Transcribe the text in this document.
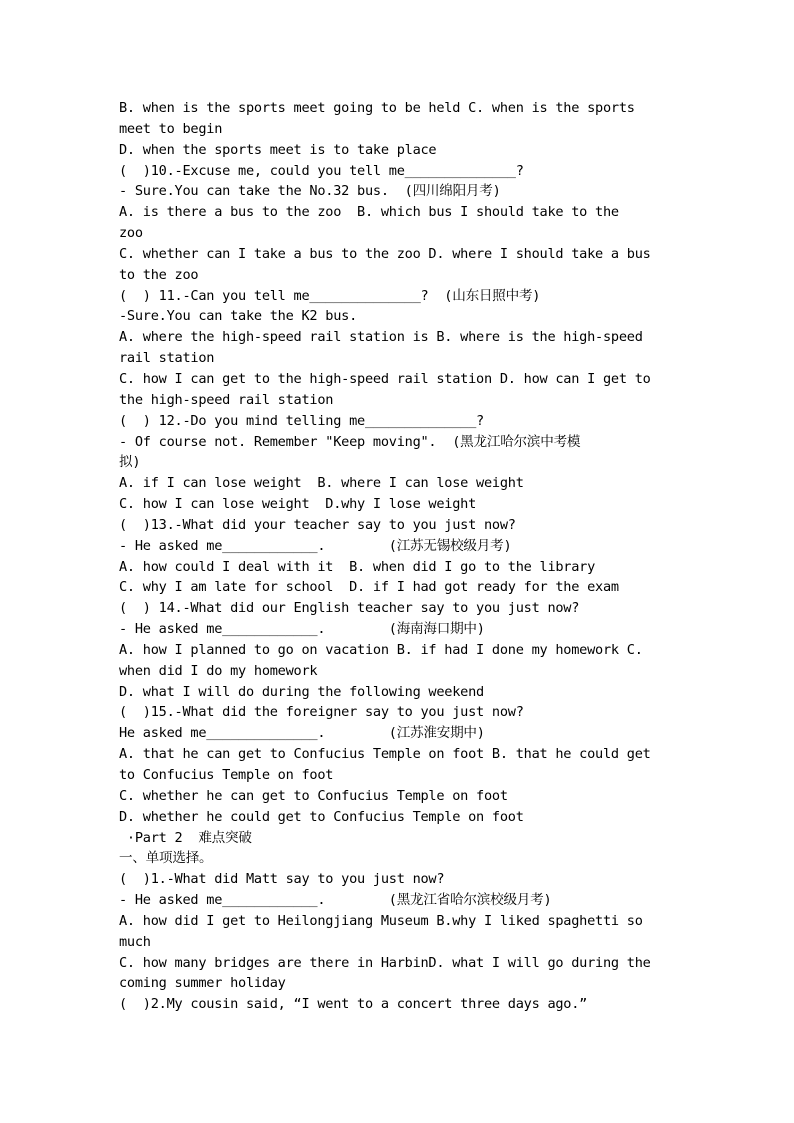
B. when is the sports meet going to be held C. when is the sports
meet to begin
D. when the sports meet is to take place
(  )10.-Excuse me, could you tell me______________?
- Sure.You can take the No.32 bus.  (四川绵阳月考)
A. is there a bus to the zoo  B. which bus I should take to the
zoo
C. whether can I take a bus to the zoo D. where I should take a bus
to the zoo
(  ) 11.-Can you tell me______________?  (山东日照中考)
-Sure.You can take the K2 bus.
A. where the high-speed rail station is B. where is the high-speed
rail station
C. how I can get to the high-speed rail station D. how can I get to
the high-speed rail station
(  ) 12.-Do you mind telling me______________?
- Of course not. Remember "Keep moving".  (黑龙江哈尔滨中考模
拟)
A. if I can lose weight  B. where I can lose weight
C. how I can lose weight  D.why I lose weight
(  )13.-What did your teacher say to you just now?
- He asked me____________.        (江苏无锡校级月考)
A. how could I deal with it  B. when did I go to the library
C. why I am late for school  D. if I had got ready for the exam
(  ) 14.-What did our English teacher say to you just now?
- He asked me____________.        (海南海口期中)
A. how I planned to go on vacation B. if had I done my homework C.
when did I do my homework
D. what I will do during the following weekend
(  )15.-What did the foreigner say to you just now?
He asked me______________.        (江苏淮安期中)
A. that he can get to Confucius Temple on foot B. that he could get
to Confucius Temple on foot
C. whether he can get to Confucius Temple on foot
D. whether he could get to Confucius Temple on foot
·Part 2  难点突破
一、单项选择。
(  )1.-What did Matt say to you just now?
- He asked me____________.        (黑龙江省哈尔滨校级月考)
A. how did I get to Heilongjiang Museum B.why I liked spaghetti so
much
C. how many bridges are there in HarbinD. what I will go during the
coming summer holiday
(  )2.My cousin said, “I went to a concert three days ago.”
